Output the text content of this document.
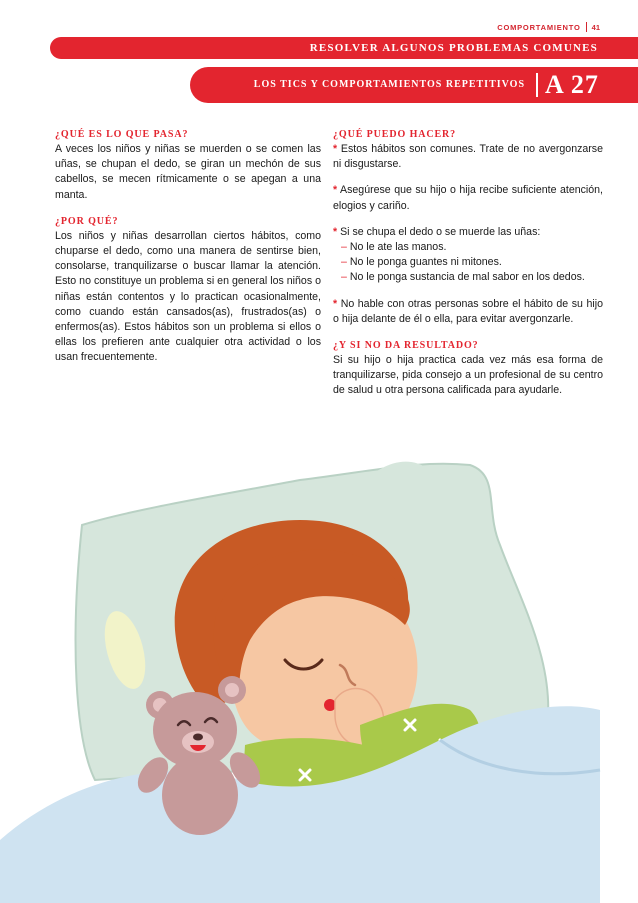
COMPORTAMIENTO 41
RESOLVER ALGUNOS PROBLEMAS COMUNES
LOS TICS Y COMPORTAMIENTOS REPETITIVOS A 27
¿QUÉ ES LO QUE PASA?

A veces los niños y niñas se muerden o se comen las uñas, se chupan el dedo, se giran un mechón de sus cabellos, se mecen rítmicamente o se apegan a una manta.

¿POR QUÉ?

Los niños y niñas desarrollan ciertos hábitos, como chuparse el dedo, como una manera de sentirse bien, consolarse, tranquilizarse o buscar llamar la atención. Esto no constituye un problema si en general los niños o niñas están contentos y lo practican ocasionalmente, como cuando están cansados(as), frustrados(as) o enfermos(as). Estos hábitos son un problema si ellos o ellas los prefieren ante cualquier otra actividad o los usan frecuentemente.

¿QUÉ PUEDO HACER?

* Estos hábitos son comunes. Trate de no avergonzarse ni disgustarse.

* Asegúrese que su hijo o hija recibe suficiente atención, elogios y cariño.

* Si se chupa el dedo o se muerde las uñas:

– No le ate las manos.
– No le ponga guantes ni mitones.
– No le ponga sustancia de mal sabor en los dedos.

* No hable con otras personas sobre el hábito de su hijo o hija delante de él o ella, para evitar avergonzarle.

¿Y SI NO DA RESULTADO?

Si su hijo o hija practica cada vez más esa forma de tranquilizarse, pida consejo a un profesional de su centro de salud u otra persona calificada para ayudarle.
